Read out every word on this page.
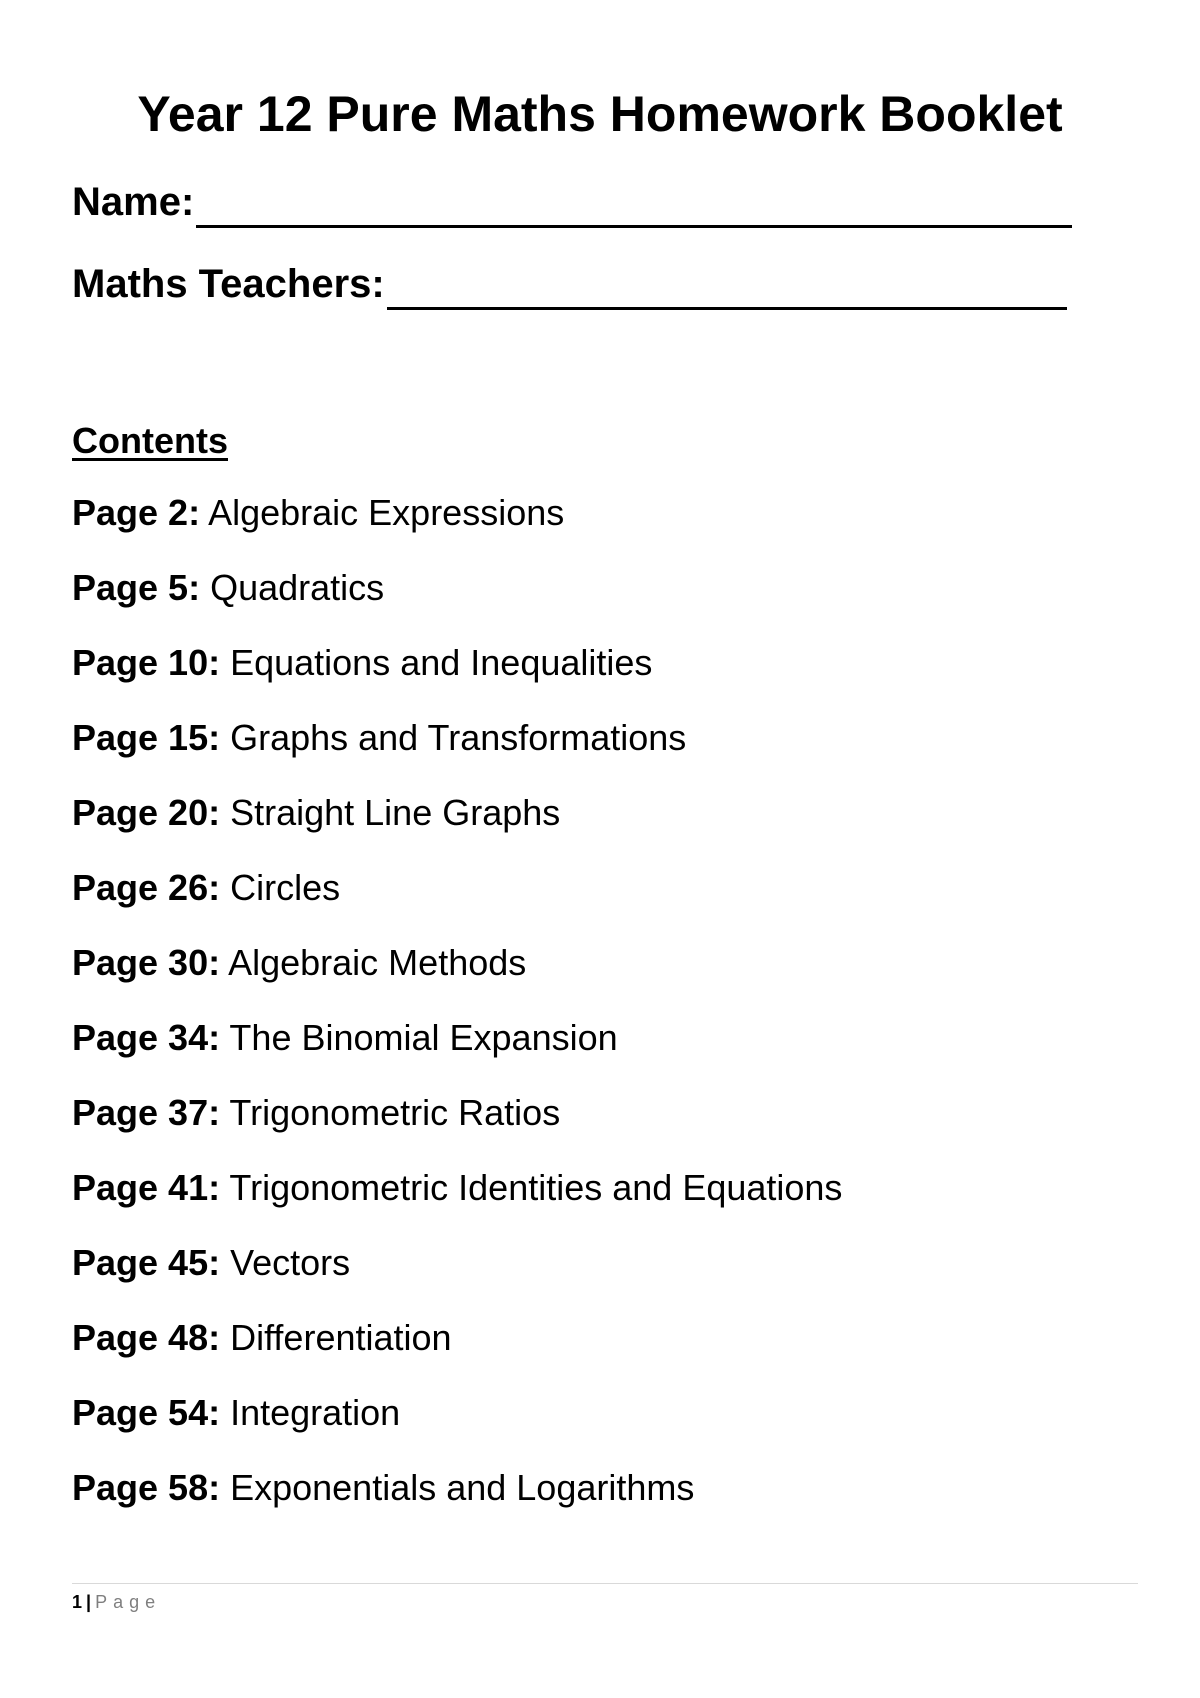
Year 12 Pure Maths Homework Booklet
Name:
Maths Teachers:
Contents
Page 2: Algebraic Expressions
Page 5: Quadratics
Page 10: Equations and Inequalities
Page 15: Graphs and Transformations
Page 20: Straight Line Graphs
Page 26: Circles
Page 30: Algebraic Methods
Page 34: The Binomial Expansion
Page 37: Trigonometric Ratios
Page 41: Trigonometric Identities and Equations
Page 45: Vectors
Page 48: Differentiation
Page 54: Integration
Page 58: Exponentials and Logarithms
1 | Page
